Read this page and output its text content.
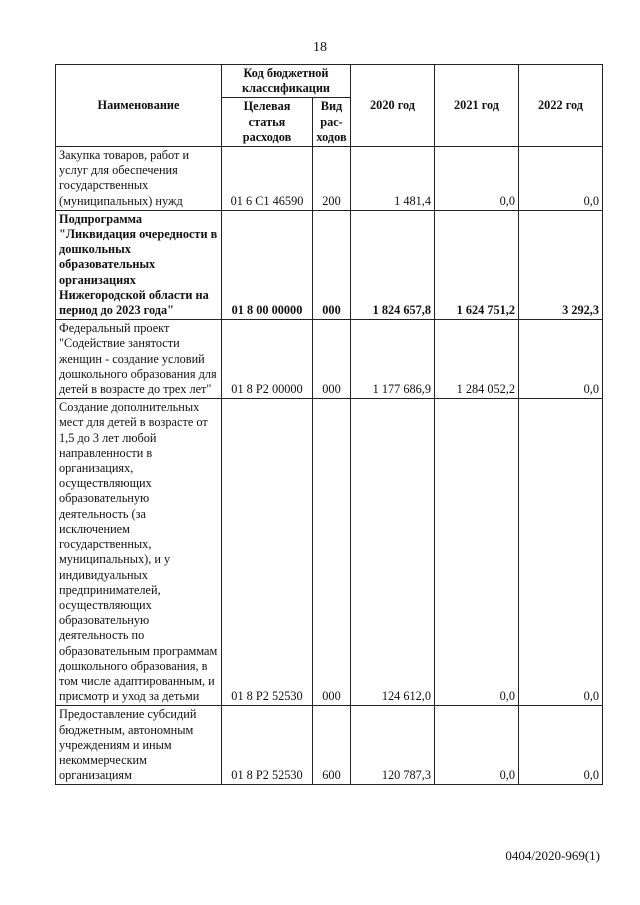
18
Наименование	Код бюджетной классификации		2020 год	2021 год	2022 год
	Целевая статья расходов	Вид рас-ходов			
Закупка товаров, работ и услуг для обеспечения государственных (муниципальных) нужд	01 6 С1 46590	200	1 481,4	0,0	0,0
Подпрограмма "Ликвидация очередности в дошкольных образовательных организациях Нижегородской области на период до 2023 года"	01 8 00 00000	000	1 824 657,8	1 624 751,2	3 292,3
Федеральный проект "Содействие занятости женщин - создание условий дошкольного образования для детей в возрасте до трех лет"	01 8 Р2 00000	000	1 177 686,9	1 284 052,2	0,0
Создание дополнительных мест для детей в возрасте от 1,5 до 3 лет любой направленности в организациях, осуществляющих образовательную деятельность (за исключением государственных, муниципальных), и у индивидуальных предпринимателей, осуществляющих образовательную деятельность по образовательным программам дошкольного образования, в том числе адаптированным, и присмотр и уход за детьми	01 8 Р2 52530	000	124 612,0	0,0	0,0
Предоставление субсидий бюджетным, автономным учреждениям и иным некоммерческим организациям	01 8 Р2 52530	600	120 787,3	0,0	0,0
0404/2020-969(1)
